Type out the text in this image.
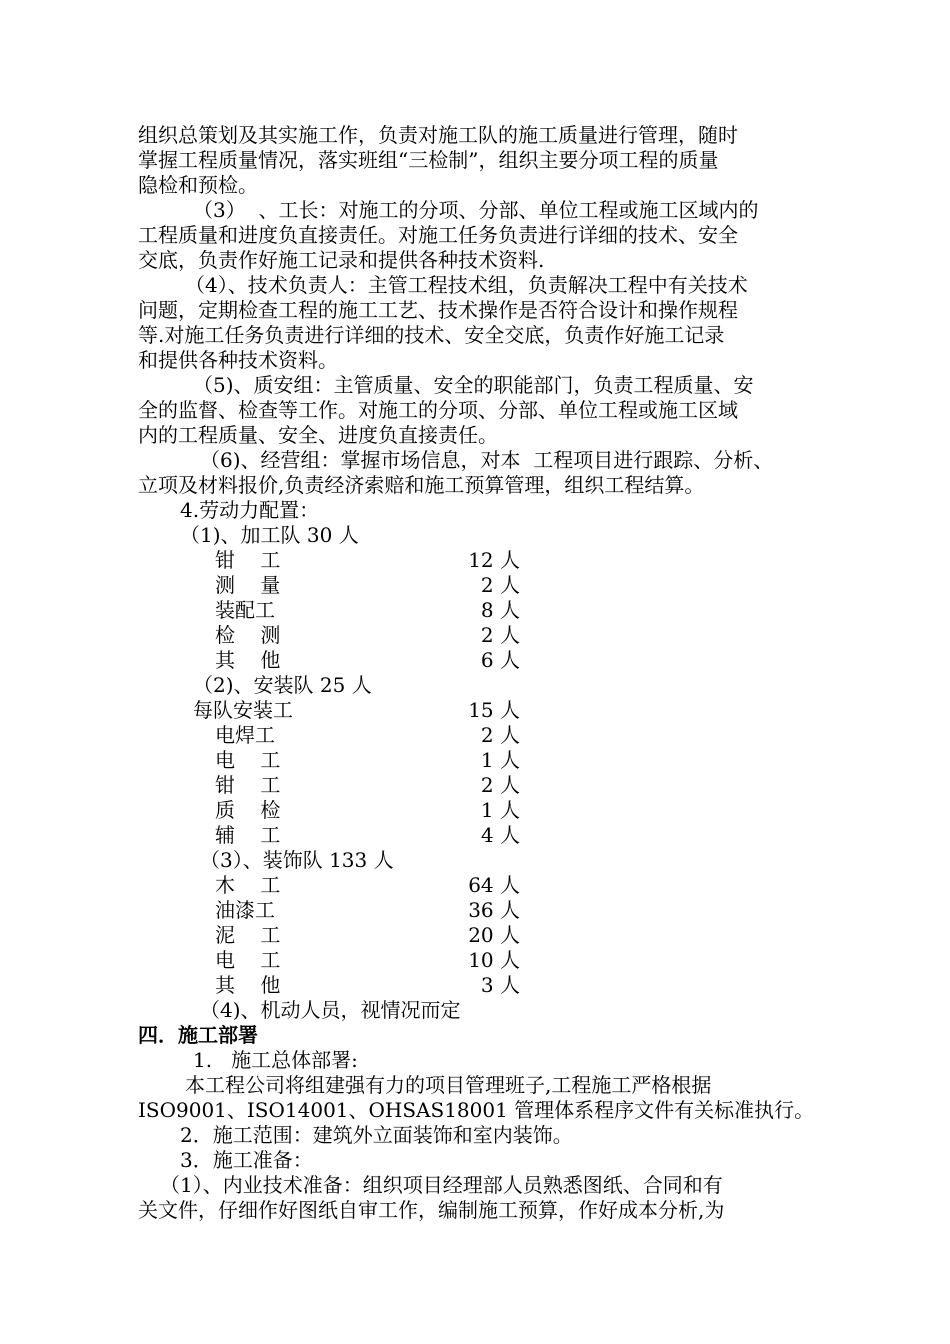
组织总策划及其实施工作，负责对施工队的施工质量进行管理，随时
掌握工程质量情况，落实班组“三检制”，组织主要分项工程的质量
隐检和预检。
（3）  、工长：对施工的分项、分部、单位工程或施工区域内的
工程质量和进度负直接责任。对施工任务负责进行详细的技术、安全
交底，负责作好施工记录和提供各种技术资料.
（4）、技术负责人：主管工程技术组，负责解决工程中有关技术
问题，定期检查工程的施工工艺、技术操作是否符合设计和操作规程
等.对施工任务负责进行详细的技术、安全交底，负责作好施工记录
和提供各种技术资料。
（5)、质安组：主管质量、安全的职能部门，负责工程质量、安
全的监督、检查等工作。对施工的分项、分部、单位工程或施工区域
内的工程质量、安全、进度负直接责任。
（6)、经营组：掌握市场信息，对本  工程项目进行跟踪、分析、
立项及材料报价,负责经济索赔和施工预算管理，组织工程结算。
4.劳动力配置：
（1)、加工队 30 人
钳    工	12 人
测    量	2 人
装配工	8 人
检    测	2 人
其    他	6 人
（2)、安装队 25 人
每队安装工	15 人
电焊工	2 人
电    工	1 人
钳    工	2 人
质    检	1 人
辅    工	4 人
（3）、装饰队 133 人
木    工	64 人
油漆工	36 人
泥    工	20 人
电    工	10 人
其    他	3 人
（4)、机动人员，视情况而定
四．施工部署
1.   施工总体部署:
本工程公司将组建强有力的项目管理班子,工程施工严格根据
ISO9001、ISO14001、OHSAS18001 管理体系程序文件有关标准执行。
2．施工范围：建筑外立面装饰和室内装饰。
3．施工准备：
（1）、内业技术准备：组织项目经理部人员熟悉图纸、合同和有
关文件，仔细作好图纸自审工作，编制施工预算，作好成本分析,为
